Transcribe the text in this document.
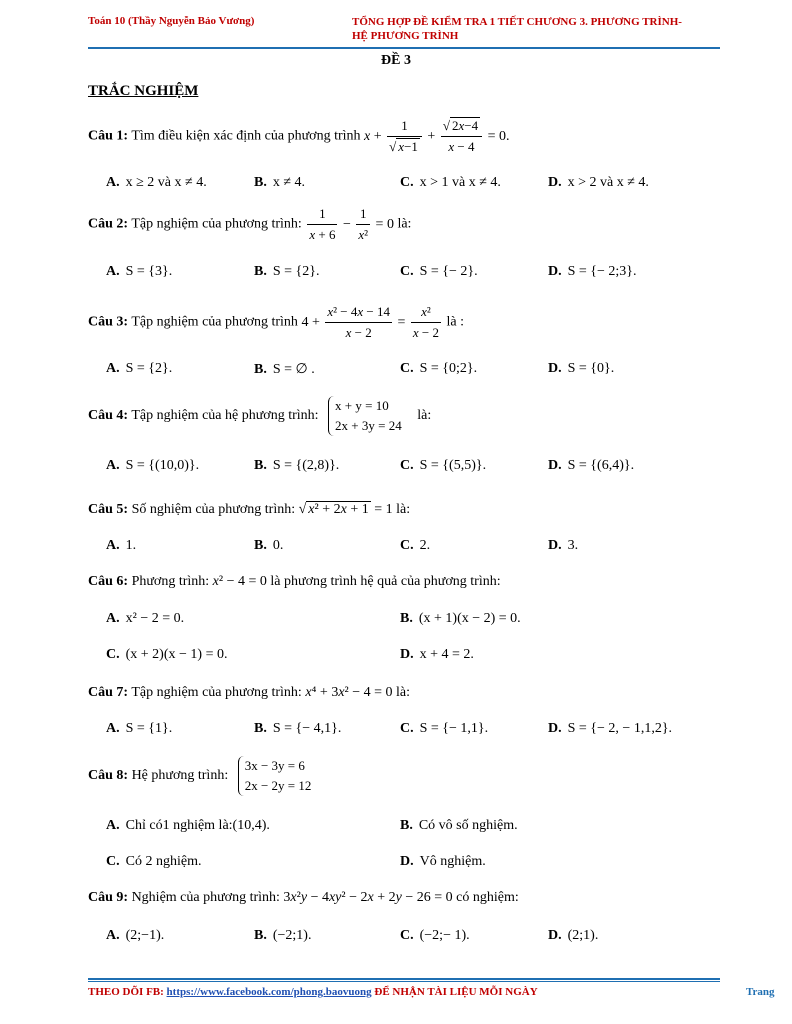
Toán 10 (Thầy Nguyễn Bảo Vương)	TỔNG HỢP ĐỀ KIỂM TRA 1 TIẾT CHƯƠNG 3. PHƯƠNG TRÌNH-
HỆ PHƯƠNG TRÌNH
ĐỀ 3
TRẮC NGHIỆM
Câu 1: Tìm điều kiện xác định của phương trình $x + \frac{1}{√ x-1} + \frac{√ 2x-4}{x - 4} = 0$.
A. x ≥ 2 và x ≠ 4.	B. x ≠ 4.	C. x > 1 và x ≠ 4.	D. x > 2 và x ≠ 4.
Câu 2: Tập nghiệm của phương trình: $\frac{1}{x + 6} - \frac{1}{\text{x²}} = 0$ là:
A. S = {3}.	B. S = {2}.	C. S = {− 2}.	D. S = {− 2;3}.
Câu 3: Tập nghiệm của phương trình $4 + \frac{\text{x² − 4x − 14}}{x - 2} = \frac{\text{x²}}{x - 2}$ là :
A. S = {2}.	B. S = ∅ .	C. S = {0;2}.	D. S = {0}.
Câu 4: Tập nghiệm của hệ phương trình:
x + y = 10
2x + 3y = 24
là:
A. S = {(10,0)}.	B. S = {(2,8)}.	C. S = {(5,5)}.	D. S = {(6,4)}.
Câu 5: Số nghiệm của phương trình: √ x² + 2x + 1 = 1 là:
A. 1.	B. 0.	C. 2.	D. 3.
Câu 6: Phương trình: x² − 4 = 0 là phương trình hệ quả của phương trình:
A. x² − 2 = 0.	B. (x + 1)(x − 2) = 0.
C. (x + 2)(x − 1) = 0.	D. x + 4 = 2.
Câu 7: Tập nghiệm của phương trình: x⁴ + 3x² − 4 = 0 là:
A. S = {1}.	B. S = {− 4,1}.	C. S = {− 1,1}.	D. S = {− 2, − 1,1,2}.
Câu 8: Hệ phương trình:
3x − 3y = 6
2x − 2y = 12
A. Chỉ có1 nghiệm là:(10,4).	B. Có vô số nghiệm.
C. Có 2 nghiệm.	D. Vô nghiệm.
Câu 9: Nghiệm của phương trình: 3x²y − 4xy² − 2x + 2y − 26 = 0 có nghiệm:
A. (2;−1).	B. (−2;1).	C. (−2;− 1).	D. (2;1).
THEO DÕI FB: https://www.facebook.com/phong.baovuong ĐỂ NHẬN TÀI LIỆU MỖI NGÀY	Trang
